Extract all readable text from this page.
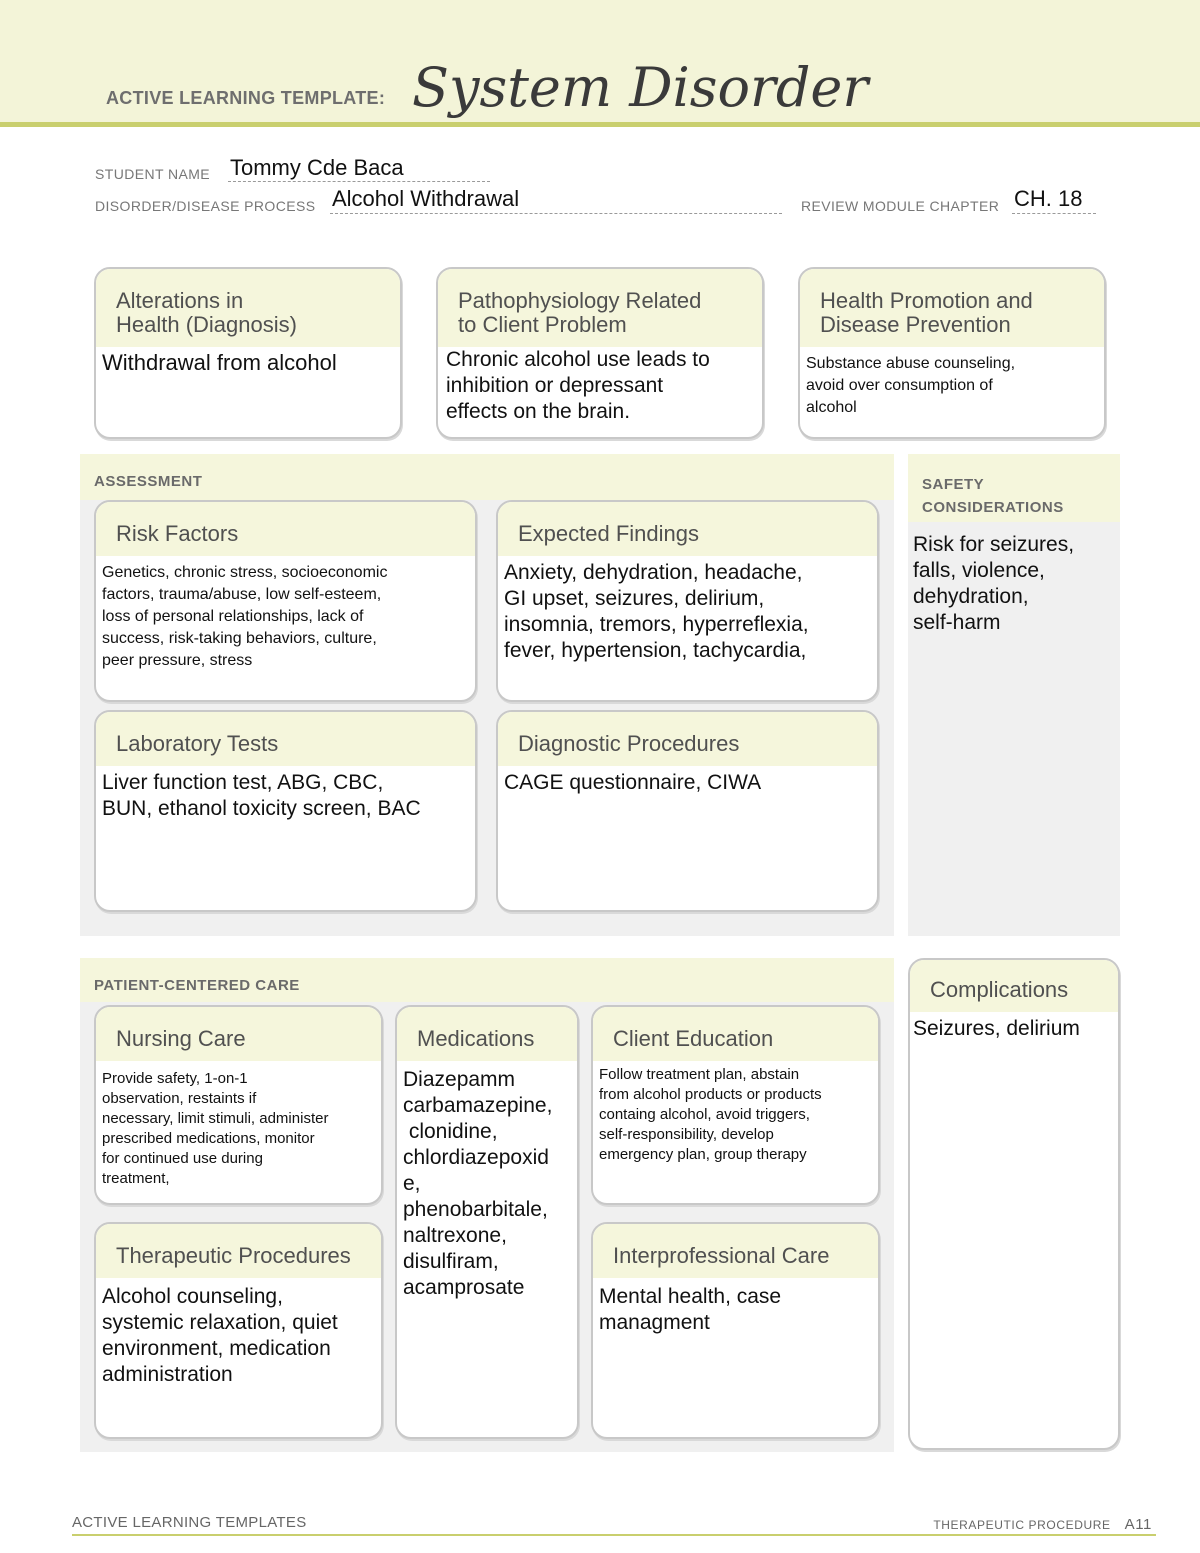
ACTIVE LEARNING TEMPLATE: System Disorder
STUDENT NAME Tommy Cde Baca
DISORDER/DISEASE PROCESS Alcohol Withdrawal	REVIEW MODULE CHAPTER CH. 18
Alterations in
Health (Diagnosis)
Withdrawal from alcohol
Pathophysiology Related
to Client Problem
Chronic alcohol use leads to
inhibition or depressant
effects on the brain.
Health Promotion and
Disease Prevention
Substance abuse counseling,
avoid over consumption of
alcohol
ASSESSMENT
Risk Factors
Genetics, chronic stress, socioeconomic
factors, trauma/abuse, low self-esteem,
loss of personal relationships, lack of
success, risk-taking behaviors, culture,
peer pressure, stress
Expected Findings
Anxiety, dehydration, headache,
GI upset, seizures, delirium,
insomnia, tremors, hyperreflexia,
fever, hypertension, tachycardia,
Laboratory Tests
Liver function test, ABG, CBC,
BUN, ethanol toxicity screen, BAC
Diagnostic Procedures
CAGE questionnaire, CIWA
SAFETY
CONSIDERATIONS
Risk for seizures,
falls, violence,
dehydration,
self-harm
PATIENT-CENTERED CARE
Nursing Care
Provide safety, 1-on-1
observation, restaints if
necessary, limit stimuli, administer
prescribed medications, monitor
for continued use during
treatment,
Medications
Diazepamm
carbamazepine,
clonidine,
chlordiazepoxid
e,
phenobarbitale,
naltrexone,
disulfiram,
acamprosate
Client Education
Follow treatment plan, abstain
from alcohol products or products
containg alcohol, avoid triggers,
self-responsibility, develop
emergency plan, group therapy
Therapeutic Procedures
Alcohol counseling,
systemic relaxation, quiet
environment, medication
administration
Interprofessional Care
Mental health, case
managment
Complications
Seizures, delirium
ACTIVE LEARNING TEMPLATES	THERAPEUTIC PROCEDURE A11
